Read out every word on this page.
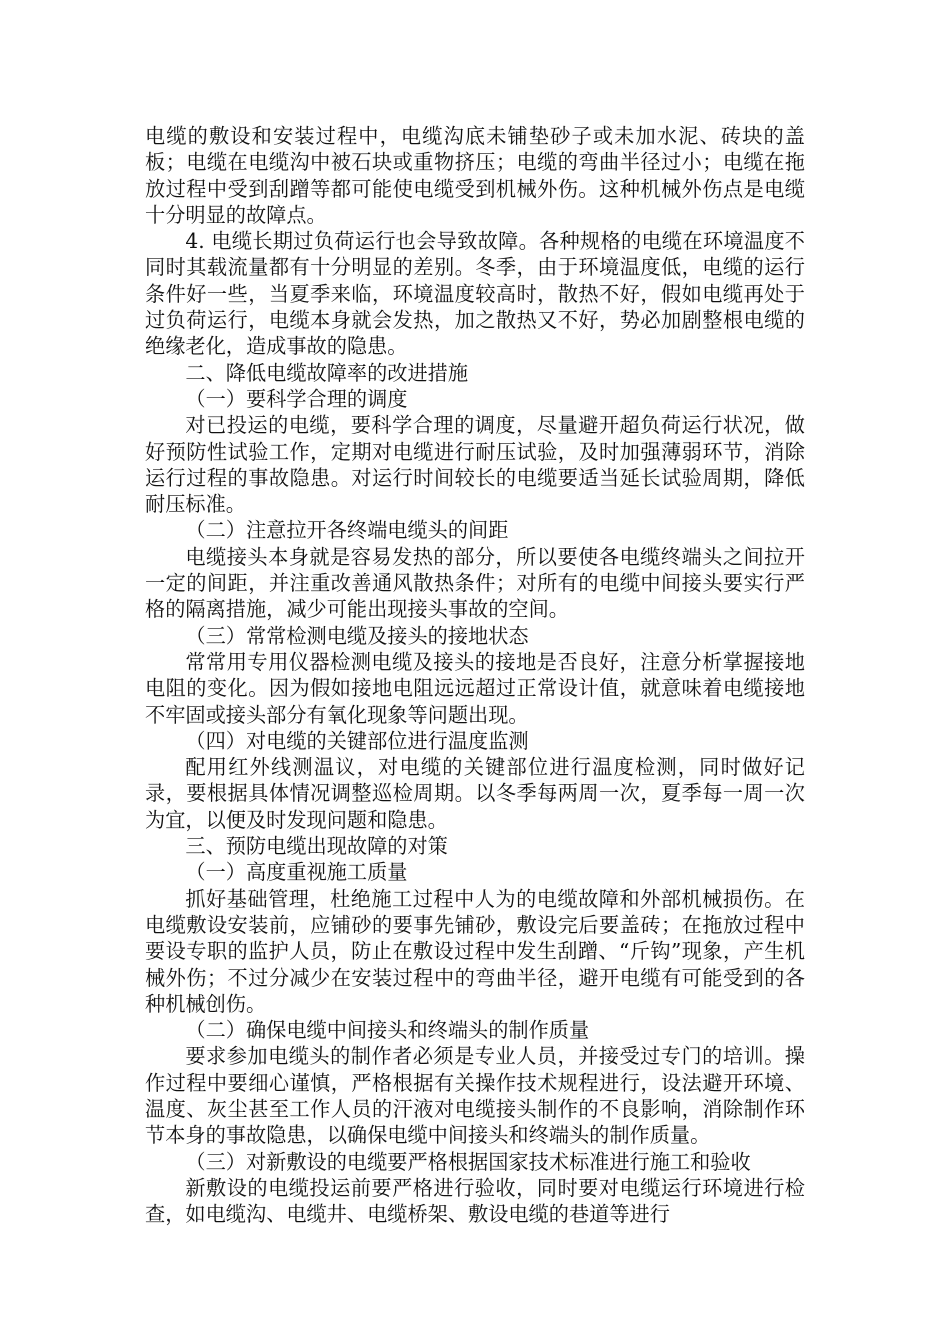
电缆的敷设和安装过程中，电缆沟底未铺垫砂子或未加水泥、砖块的盖板；电缆在电缆沟中被石块或重物挤压；电缆的弯曲半径过小；电缆在拖放过程中受到刮蹭等都可能使电缆受到机械外伤。这种机械外伤点是电缆十分明显的故障点。

4. 电缆长期过负荷运行也会导致故障。各种规格的电缆在环境温度不同时其载流量都有十分明显的差别。冬季，由于环境温度低，电缆的运行条件好一些，当夏季来临，环境温度较高时，散热不好，假如电缆再处于过负荷运行，电缆本身就会发热，加之散热又不好，势必加剧整根电缆的绝缘老化，造成事故的隐患。

二、降低电缆故障率的改进措施

（一）要科学合理的调度

对已投运的电缆，要科学合理的调度，尽量避开超负荷运行状况，做好预防性试验工作，定期对电缆进行耐压试验，及时加强薄弱环节，消除运行过程的事故隐患。对运行时间较长的电缆要适当延长试验周期，降低耐压标准。

（二）注意拉开各终端电缆头的间距

电缆接头本身就是容易发热的部分，所以要使各电缆终端头之间拉开一定的间距，并注重改善通风散热条件；对所有的电缆中间接头要实行严格的隔离措施，减少可能出现接头事故的空间。

（三）常常检测电缆及接头的接地状态

常常用专用仪器检测电缆及接头的接地是否良好，注意分析掌握接地电阻的变化。因为假如接地电阻远远超过正常设计值，就意味着电缆接地不牢固或接头部分有氧化现象等问题出现。

（四）对电缆的关键部位进行温度监测

配用红外线测温议，对电缆的关键部位进行温度检测，同时做好记录，要根据具体情况调整巡检周期。以冬季每两周一次，夏季每一周一次为宜，以便及时发现问题和隐患。

三、预防电缆出现故障的对策

（一）高度重视施工质量

抓好基础管理，杜绝施工过程中人为的电缆故障和外部机械损伤。在电缆敷设安装前，应铺砂的要事先铺砂，敷设完后要盖砖；在拖放过程中要设专职的监护人员，防止在敷设过程中发生刮蹭、“斤钩”现象，产生机械外伤；不过分减少在安装过程中的弯曲半径，避开电缆有可能受到的各种机械创伤。

（二）确保电缆中间接头和终端头的制作质量

要求参加电缆头的制作者必须是专业人员，并接受过专门的培训。操作过程中要细心谨慎，严格根据有关操作技术规程进行，设法避开环境、温度、灰尘甚至工作人员的汗液对电缆接头制作的不良影响，消除制作环节本身的事故隐患，以确保电缆中间接头和终端头的制作质量。

（三）对新敷设的电缆要严格根据国家技术标准进行施工和验收

新敷设的电缆投运前要严格进行验收，同时要对电缆运行环境进行检查，如电缆沟、电缆井、电缆桥架、敷设电缆的巷道等进行
